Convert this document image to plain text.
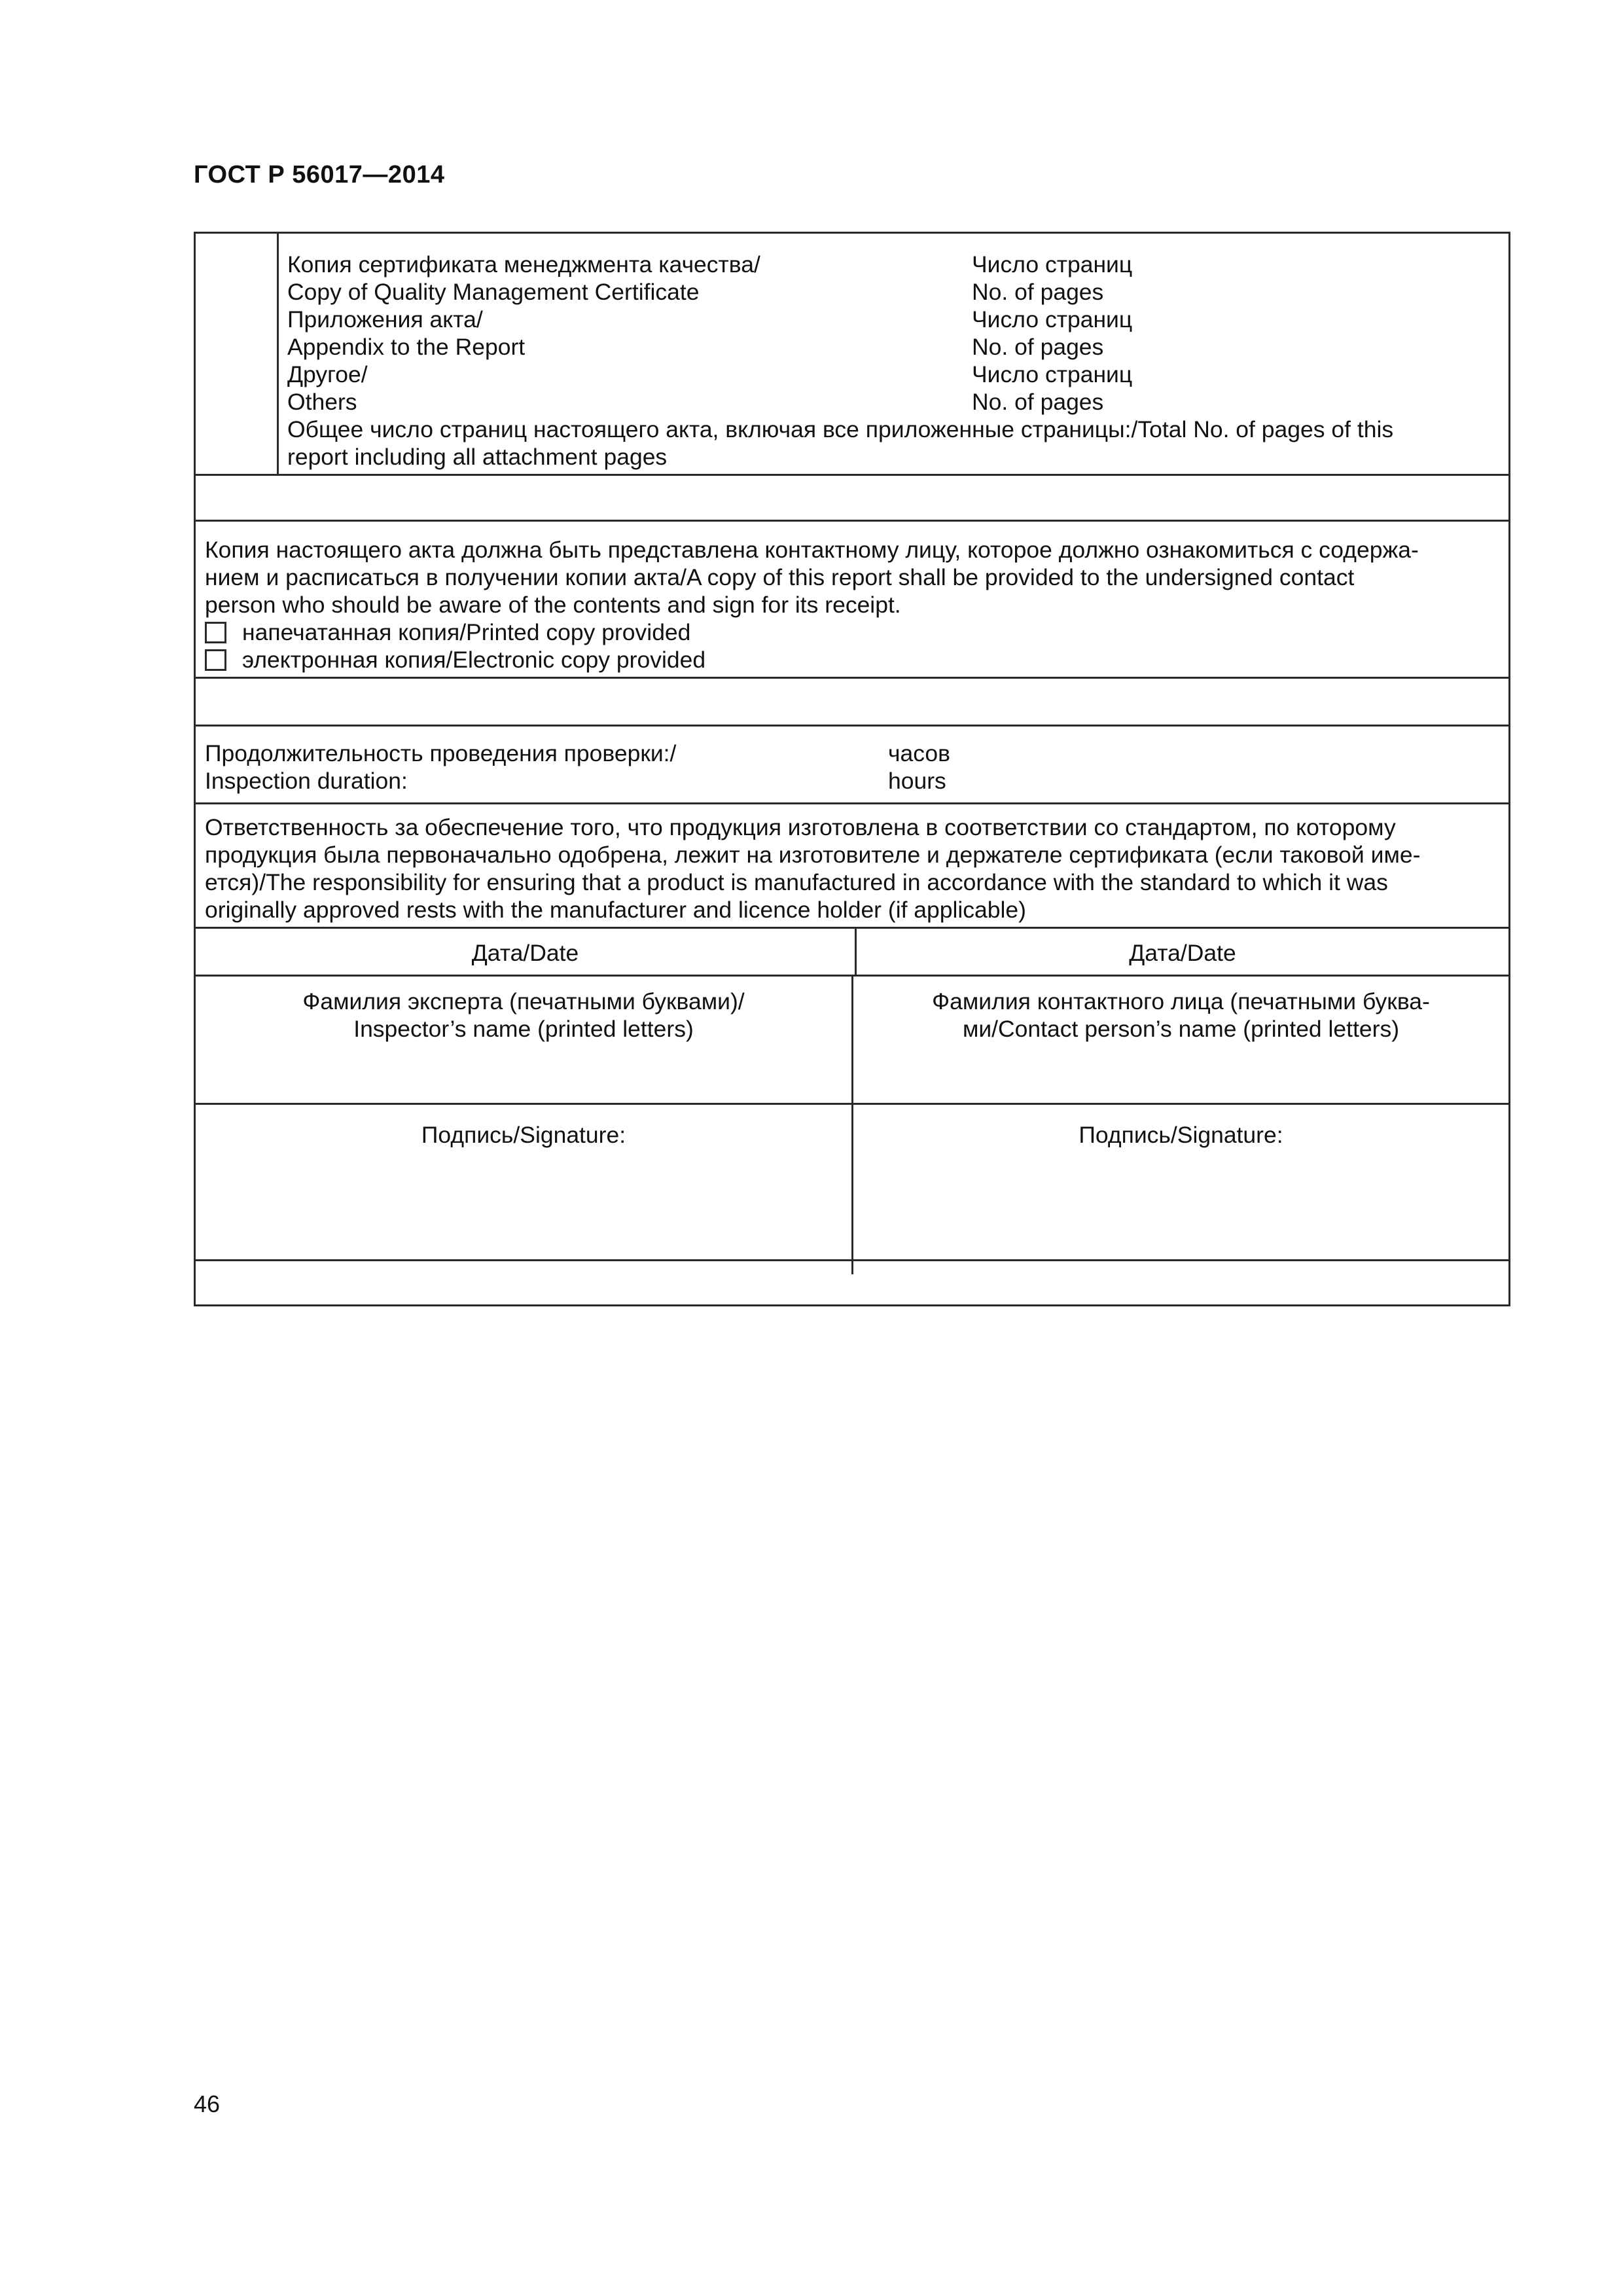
ГОСТ Р 56017—2014
Копия сертификата менеджмента качества/
Copy of Quality Management Certificate
Приложения акта/
Appendix to the Report
Другое/
Others
Общее число страниц настоящего акта, включая все приложенные страницы:/Total No. of pages of this
report including all attachment pages
Число страниц
No. of pages
Число страниц
No. of pages
Число страниц
No. of pages
Копия настоящего акта должна быть представлена контактному лицу, которое должно ознакомиться с содержа-
нием и расписаться в получении копии акта/A copy of this report shall be provided to the undersigned contact
person who should be aware of the contents and sign for its receipt.
напечатанная копия/Printed copy provided
электронная копия/Electronic copy provided
Продолжительность проведения проверки:/
Inspection duration:
часов
hours
Ответственность за обеспечение того, что продукция изготовлена в соответствии со стандартом, по которому
продукция была первоначально одобрена, лежит на изготовителе и держателе сертификата (если таковой име-
ется)/The responsibility for ensuring that a product is manufactured in accordance with the standard to which it was
originally approved rests with the manufacturer and licence holder (if applicable)
Дата/Date	Дата/Date
Фамилия эксперта (печатными буквами)/
Inspector’s name (printed letters)
Фамилия контактного лица (печатными буква-
ми/Contact person’s name (printed letters)
Подпись/Signature:	Подпись/Signature:
46
